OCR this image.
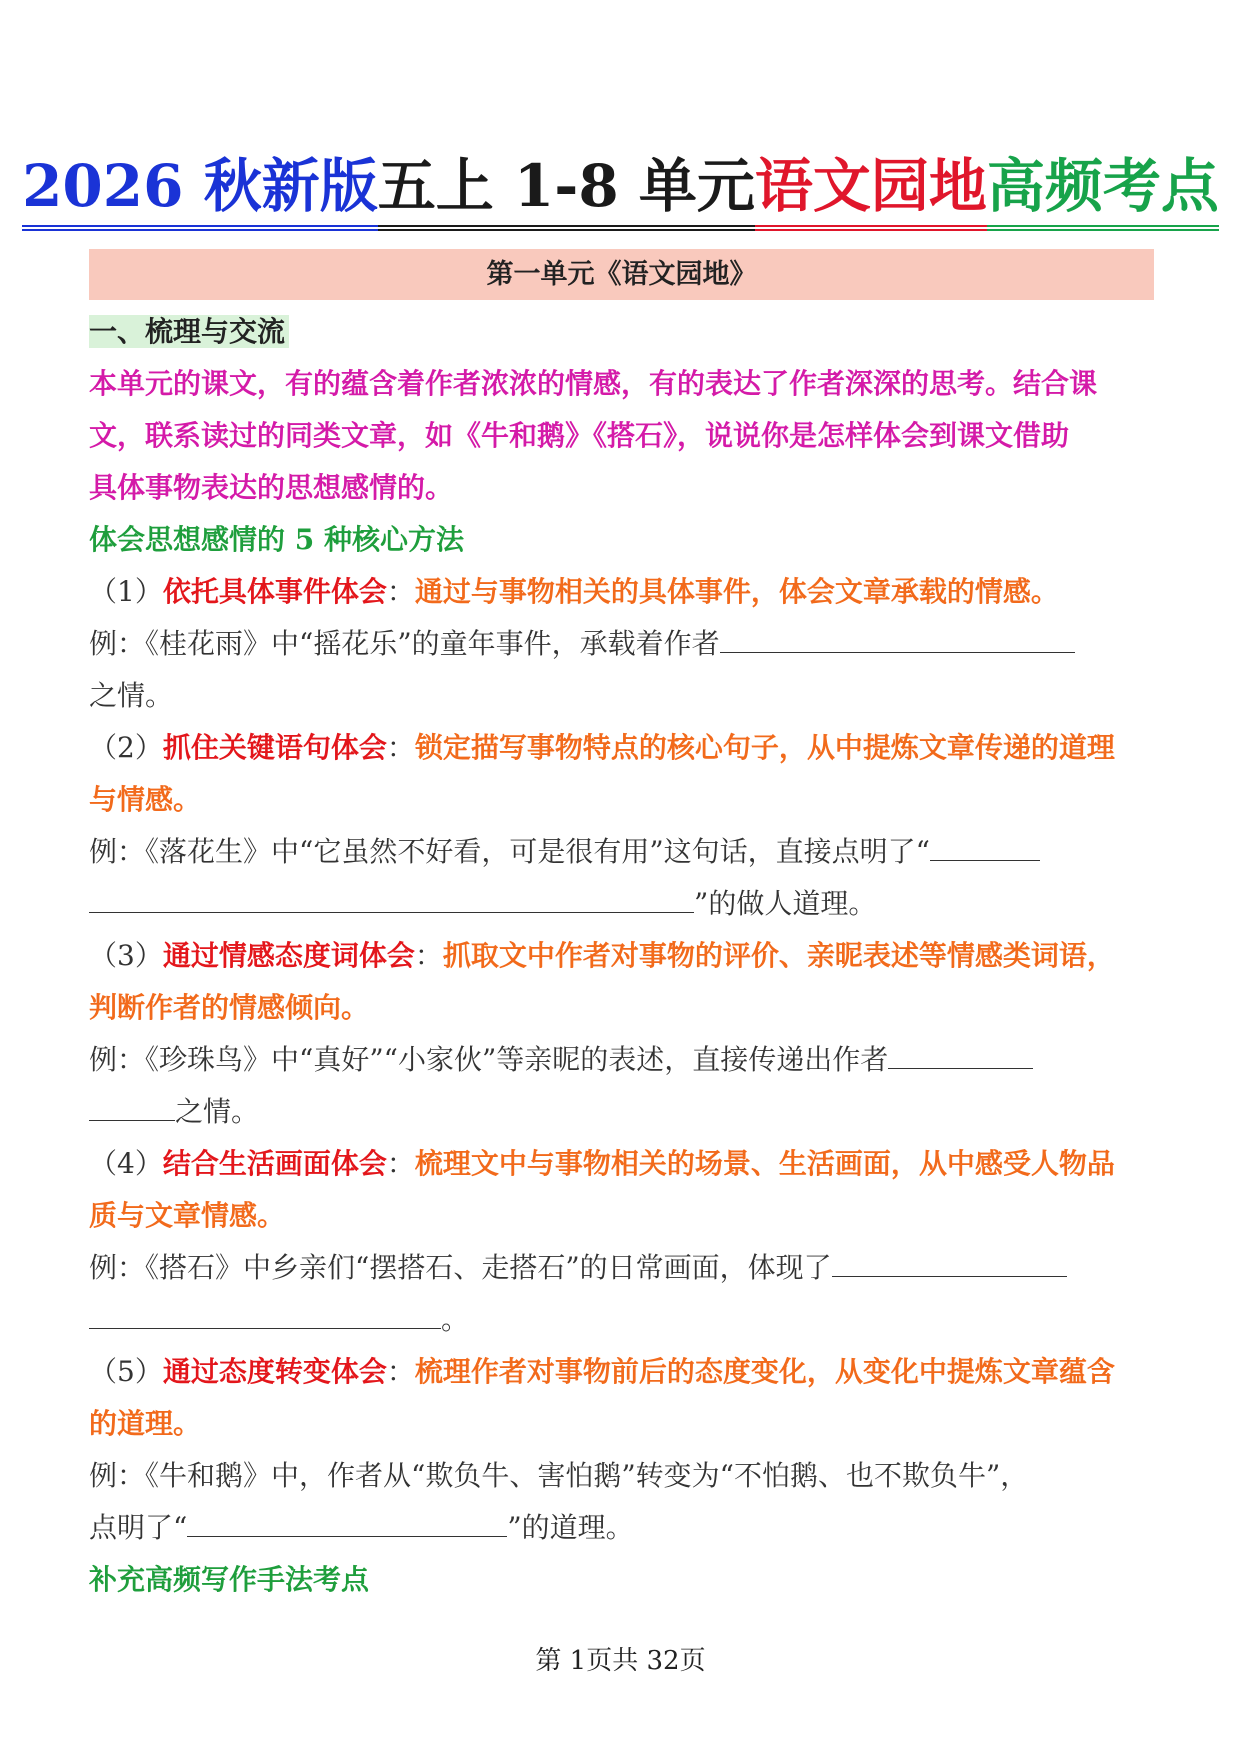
2026 秋新版五上 1-8 单元语文园地高频考点
第一单元《语文园地》
一、梳理与交流
本单元的课文，有的蕴含着作者浓浓的情感，有的表达了作者深深的思考。结合课
文，联系读过的同类文章，如《牛和鹅》《搭石》，说说你是怎样体会到课文借助
具体事物表达的思想感情的。
体会思想感情的 5 种核心方法
（1）依托具体事件体会：通过与事物相关的具体事件，体会文章承载的情感。
例：《桂花雨》中“摇花乐”的童年事件，承载着作者
之情。
（2）抓住关键语句体会：锁定描写事物特点的核心句子，从中提炼文章传递的道理
与情感。
例：《落花生》中“它虽然不好看，可是很有用”这句话，直接点明了“
”的做人道理。
（3）通过情感态度词体会：抓取文中作者对事物的评价、亲昵表述等情感类词语，
判断作者的情感倾向。
例：《珍珠鸟》中“真好”“小家伙”等亲昵的表述，直接传递出作者
之情。
（4）结合生活画面体会：梳理文中与事物相关的场景、生活画面，从中感受人物品
质与文章情感。
例：《搭石》中乡亲们“摆搭石、走搭石”的日常画面，体现了
。
（5）通过态度转变体会：梳理作者对事物前后的态度变化，从变化中提炼文章蕴含
的道理。
例：《牛和鹅》中，作者从“欺负牛、害怕鹅”转变为“不怕鹅、也不欺负牛”，
点明了“	”的道理。
补充高频写作手法考点
第 1页共 32页
